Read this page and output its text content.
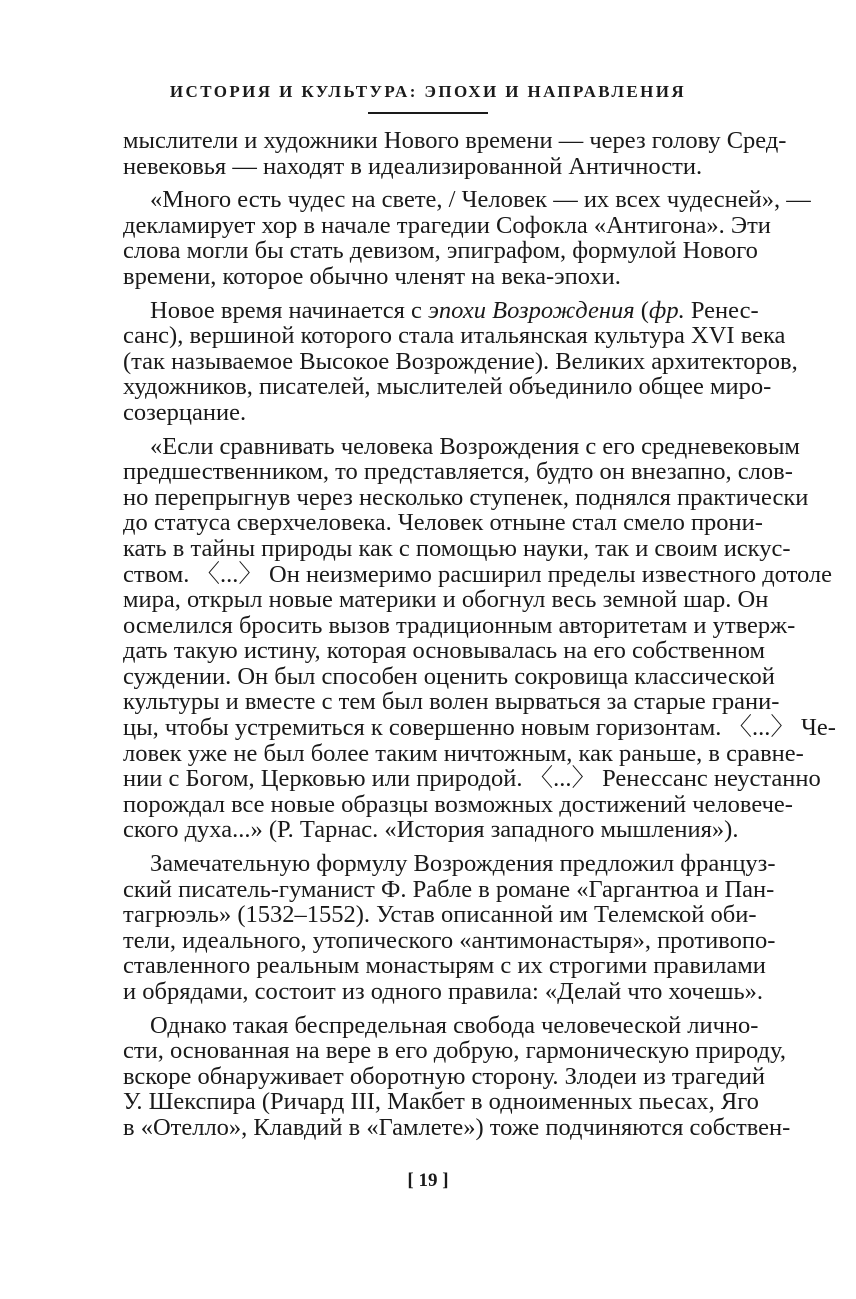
ИСТОРИЯ И КУЛЬТУРА: ЭПОХИ И НАПРАВЛЕНИЯ
мыслители и художники Нового времени — через голову Сред-
невековья — находят в идеализированной Античности.
«Много есть чудес на свете, / Человек — их всех чудесней», —
декламирует хор в начале трагедии Софокла «Антигона». Эти
слова могли бы стать девизом, эпиграфом, формулой Нового
времени, которое обычно членят на века-эпохи.
Новое время начинается с эпохи Возрождения (фр. Ренес-
санс), вершиной которого стала итальянская культура XVI века
(так называемое Высокое Возрождение). Великих архитекторов,
художников, писателей, мыслителей объединило общее миро-
созерцание.
«Если сравнивать человека Возрождения с его средневековым
предшественником, то представляется, будто он внезапно, слов-
но перепрыгнув через несколько ступенек, поднялся практически
до статуса сверхчеловека. Человек отныне стал смело прони-
кать в тайны природы как с помощью науки, так и своим искус-
ством. 〈...〉 Он неизмеримо расширил пределы известного дотоле
мира, открыл новые материки и обогнул весь земной шар. Он
осмелился бросить вызов традиционным авторитетам и утверж-
дать такую истину, которая основывалась на его собственном
суждении. Он был способен оценить сокровища классической
культуры и вместе с тем был волен вырваться за старые грани-
цы, чтобы устремиться к совершенно новым горизонтам. 〈...〉 Че-
ловек уже не был более таким ничтожным, как раньше, в сравне-
нии с Богом, Церковью или природой. 〈...〉 Ренессанс неустанно
порождал все новые образцы возможных достижений человече-
ского духа...» (Р. Тарнас. «История западного мышления»).
Замечательную формулу Возрождения предложил француз-
ский писатель-гуманист Ф. Рабле в романе «Гаргантюа и Пан-
тагрюэль» (1532–1552). Устав описанной им Телемской оби-
тели, идеального, утопического «антимонастыря», противопо-
ставленного реальным монастырям с их строгими правилами
и обрядами, состоит из одного правила: «Делай что хочешь».
Однако такая беспредельная свобода человеческой лично-
сти, основанная на вере в его добрую, гармоническую природу,
вскоре обнаруживает оборотную сторону. Злодеи из трагедий
У. Шекспира (Ричард III, Макбет в одноименных пьесах, Яго
в «Отелло», Клавдий в «Гамлете») тоже подчиняются собствен-
[ 19 ]
